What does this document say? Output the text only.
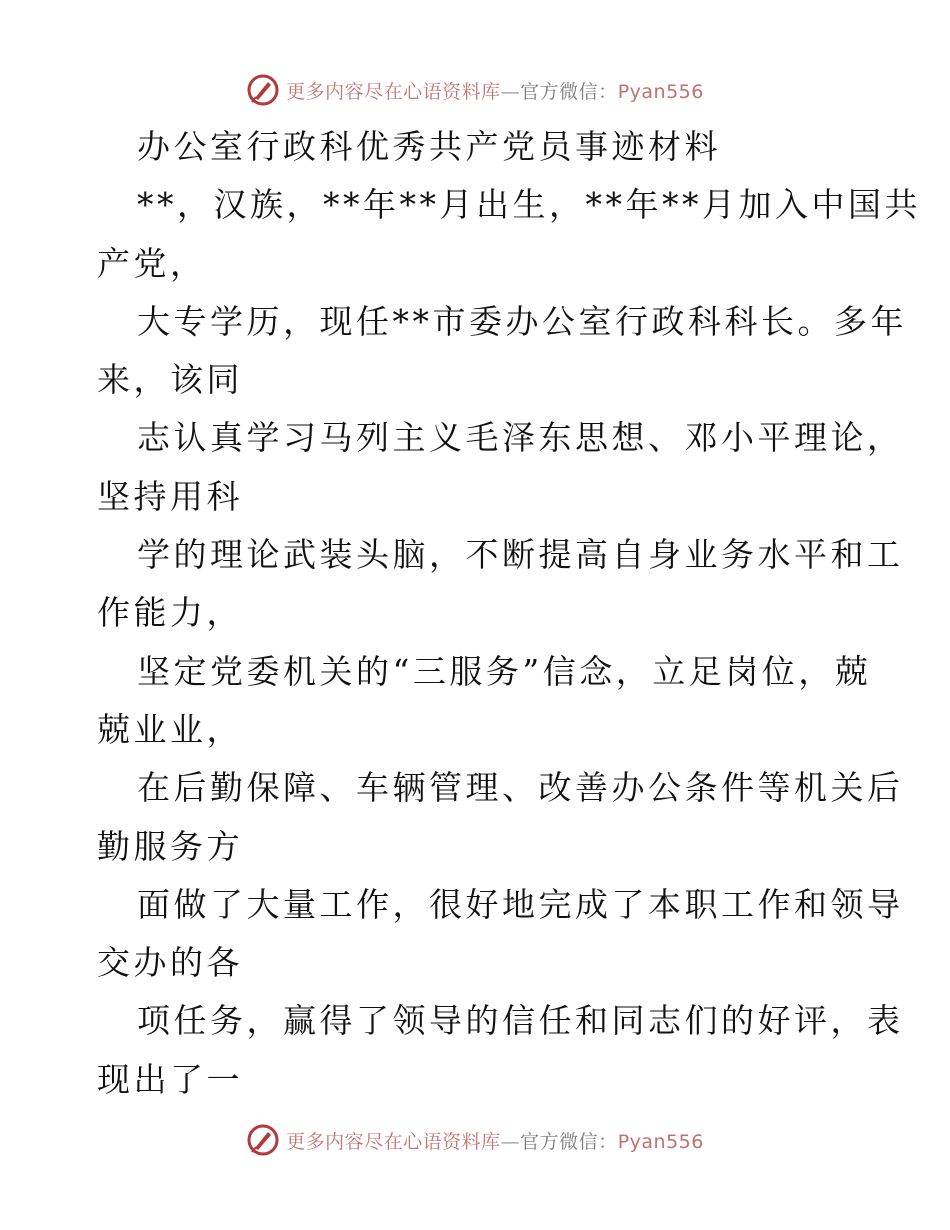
更多内容尽在心语资料库—官方微信：Pyan556
办公室行政科优秀共产党员事迹材料
**，汉族，**年**月出生，**年**月加入中国共
产党，
大专学历，现任**市委办公室行政科科长。多年
来，该同
志认真学习马列主义毛泽东思想、邓小平理论，
坚持用科
学的理论武装头脑，不断提高自身业务水平和工
作能力，
坚定党委机关的“三服务”信念，立足岗位，兢
兢业业，
在后勤保障、车辆管理、改善办公条件等机关后
勤服务方
面做了大量工作，很好地完成了本职工作和领导
交办的各
项任务，赢得了领导的信任和同志们的好评，表
现出了一
更多内容尽在心语资料库—官方微信：Pyan556
